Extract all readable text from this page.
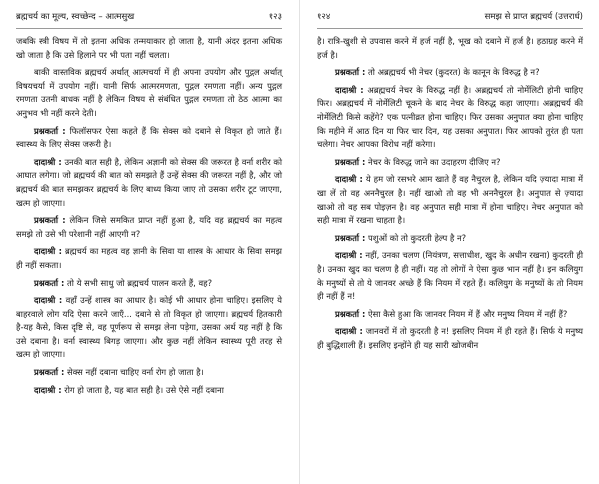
ब्रह्मचर्य का मूल्य, स्वच्छेन्द – आत्मसुख	१२३

जबकि स्त्री विषय में तो इतना अधिक तन्मयाकार हो जाता है, यानी अंदर इतना अधिक खो जाता है कि उसे हिलाने पर भी पता नहीं चलता।

बाकी वास्तविक ब्रह्मचर्य अर्थात् आत्मचर्या में ही अपना उपयोग और पुद्गल अर्थात् विषयचर्या में उपयोग नहीं। यानी सिर्फ आत्मरमणता, पुद्गल रमणता नहीं। अन्य पुद्गल रमणता उतनी बाधक नहीं है लेकिन विषय से संबंधित पुद्गल रमणता तो ठेठ आत्मा का अनुभव भी नहीं करने देती।

प्रश्नकर्ता : फिलॉसफर ऐसा कहते हैं कि सेक्स को दबाने से विकृत हो जाते हैं। स्वास्थ्य के लिए सेक्स जरूरी है।

दादाश्री : उनकी बात सही है, लेकिन अज्ञानी को सेक्स की जरूरत है वर्ना शरीर को आघात लगेगा। जो ब्रह्मचर्य की बात को समझते हैं उन्हें सेक्स की जरूरत नहीं है, और जो ब्रह्मचर्य की बात समझकर ब्रह्मचर्य के लिए बाध्य किया जाए तो उसका शरीर टूट जाएगा, खत्म हो जाएगा।

प्रश्नकर्ता : लेकिन जिसे समकित प्राप्त नहीं हुआ है, यदि वह ब्रह्मचर्य का महत्व समझे तो उसे भी परेशानी नहीं आएगी न?

दादाश्री : ब्रह्मचर्य का महत्व वह ज्ञानी के सिवा या शास्त्र के आधार के सिवा समझ ही नहीं सकता।

प्रश्नकर्ता : तो ये सभी साधु जो ब्रह्मचर्य पालन करते हैं, वह?

दादाश्री : वहाँ उन्हें शास्त्र का आधार है। कोई भी आधार होना चाहिए। इसलिए ये बाहरवाले लोग यदि ऐसा करने जाएँ... दबाने से तो विकृत हो जाएगा। ब्रह्मचर्य हितकारी है-यह कैसे, किस दृष्टि से, वह पूर्णरूप से समझ लेना पड़ेगा, उसका अर्थ यह नहीं है कि उसे दबाना है। वर्ना स्वास्थ्य बिगड़ जाएगा। और कुछ नहीं लेकिन स्वास्थ्य पूरी तरह से खत्म हो जाएगा।

प्रश्नकर्ता : सेक्स नहीं दबाना चाहिए वर्ना रोग हो जाता है।

दादाश्री : रोग हो जाता है, यह बात सही है। उसे ऐसे नहीं दबाना

१२४	समझ से प्राप्त ब्रह्मचर्य (उत्तरार्ध)

है। रात्रि-खुशी से उपवास करने में हर्ज नहीं है, भूख को दबाने में हर्ज है। हठाग्रह करने में हर्ज है।

प्रश्नकर्ता : तो अब्रह्मचर्य भी नेचर (कुदरत) के कानून के विरुद्ध है न?

दादाश्री : अब्रह्मचर्य नेचर के विरुद्ध नहीं है। अब्रह्मचर्य तो नोर्मेलिटी होनी चाहिए फिर। अब्रह्मचर्य में नोर्मेलिटी चूकने के बाद नेचर के विरुद्ध कहा जाएगा। अब्रह्मचर्य की नोर्मेलिटी किसे कहेंगे? एक पत्नीव्रत होना चाहिए। फिर उसका अनुपात क्या होना चाहिए कि महीने में आठ दिन या फिर चार दिन, यह उसका अनुपात। फिर आपको तुरंत ही पता चलेगा। नेचर आपका विरोध नहीं करेगा।

प्रश्नकर्ता : नेचर के विरुद्ध जाने का उदाहरण दीजिए न?

दादाश्री : ये हम जो रसभरे आम खाते हैं वह नैचुरल है, लेकिन यदि ज़्यादा मात्रा में खा लें तो वह अननैचुरल है। नहीं खाओ तो वह भी अननैचुरल है। अनुपात से ज़्यादा खाओ तो वह सब पोइज़न है। वह अनुपात सही मात्रा में होना चाहिए। नेचर अनुपात को सही मात्रा में रखना चाहता है।

प्रश्नकर्ता : पशुओं को तो कुदरती हेल्प है न?

दादाश्री : नहीं, उनका चलण (नियंत्रण, सत्ताधीश, खुद के अधीन रखना) कुदरती ही है। उनका खुद का चलण है ही नहीं। यह तो लोगों ने ऐसा कुछ भान नहीं है। इन कलियुग के मनुष्यों से तो ये जानवर अच्छे हैं कि नियम में रहते हैं। कलियुग के मनुष्यों के तो नियम ही नहीं हैं न!

प्रश्नकर्ता : ऐसा कैसे हुआ कि जानवर नियम में हैं और मनुष्य नियम में नहीं हैं?

दादाश्री : जानवरों में तो कुदरती है न! इसलिए नियम में ही रहते हैं। सिर्फ ये मनुष्य ही बुद्धिशाली हैं। इसलिए इन्होंने ही यह सारी खोजबीन
